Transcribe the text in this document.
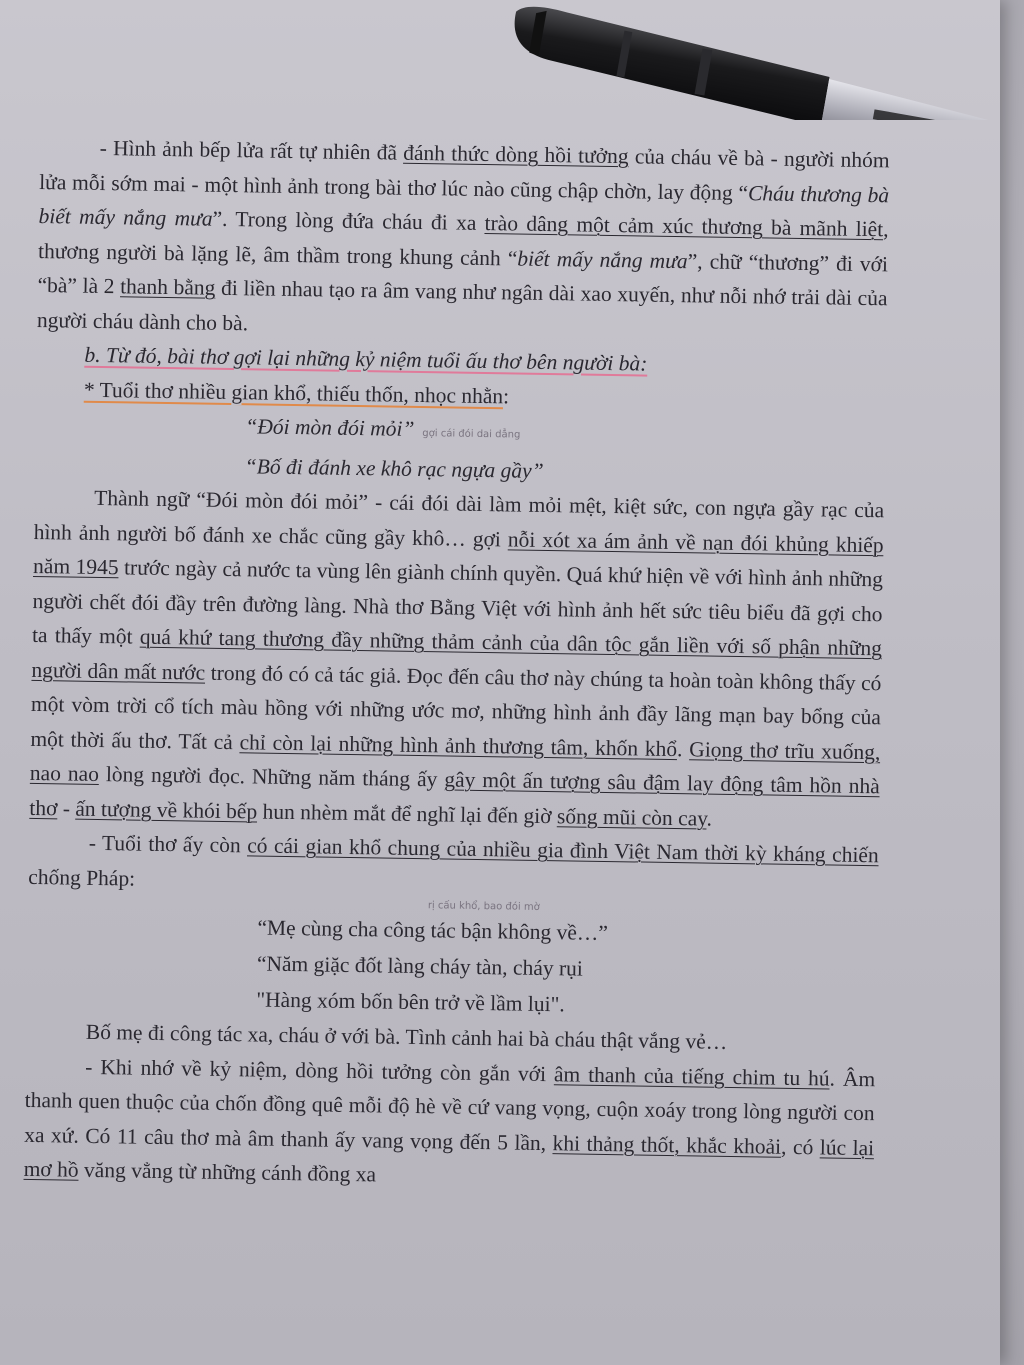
- Hình ảnh bếp lửa rất tự nhiên đã đánh thức dòng hồi tưởng của cháu về bà - người nhóm lửa mỗi sớm mai - một hình ảnh trong bài thơ lúc nào cũng chập chờn, lay động “Cháu thương bà biết mấy nắng mưa”. Trong lòng đứa cháu đi xa trào dâng một cảm xúc thương bà mãnh liệt, thương người bà lặng lẽ, âm thầm trong khung cảnh “biết mấy nắng mưa”, chữ “thương” đi với “bà” là 2 thanh bằng đi liền nhau tạo ra âm vang như ngân dài xao xuyến, như nỗi nhớ trải dài của người cháu dành cho bà.

b. Từ đó, bài thơ gợi lại những kỷ niệm tuổi ấu thơ bên người bà:

* Tuổi thơ nhiều gian khổ, thiếu thốn, nhọc nhằn:

“Đói mòn đói mỏi” gợi cái đói dai dẳng

“Bố đi đánh xe khô rạc ngựa gầy”

Thành ngữ “Đói mòn đói mỏi” - cái đói dài làm mỏi mệt, kiệt sức, con ngựa gầy rạc của hình ảnh người bố đánh xe chắc cũng gầy khô… gợi nỗi xót xa ám ảnh về nạn đói khủng khiếp năm 1945 trước ngày cả nước ta vùng lên giành chính quyền. Quá khứ hiện về với hình ảnh những người chết đói đầy trên đường làng. Nhà thơ Bằng Việt với hình ảnh hết sức tiêu biểu đã gợi cho ta thấy một quá khứ tang thương đầy những thảm cảnh của dân tộc gắn liền với số phận những người dân mất nước trong đó có cả tác giả. Đọc đến câu thơ này chúng ta hoàn toàn không thấy có một vòm trời cổ tích màu hồng với những ước mơ, những hình ảnh đầy lãng mạn bay bổng của một thời ấu thơ. Tất cả chỉ còn lại những hình ảnh thương tâm, khốn khổ. Giọng thơ trĩu xuống, nao nao lòng người đọc. Những năm tháng ấy gây một ấn tượng sâu đậm lay động tâm hồn nhà thơ - ấn tượng về khói bếp hun nhèm mắt để nghĩ lại đến giờ sống mũi còn cay.

- Tuổi thơ ấy còn có cái gian khổ chung của nhiều gia đình Việt Nam thời kỳ kháng chiến chống Pháp:

rị cấu khổ, bao đói mờ

“Mẹ cùng cha công tác bận không về…”

“Năm giặc đốt làng cháy tàn, cháy rụi

"Hàng xóm bốn bên trở về lầm lụi".

Bố mẹ đi công tác xa, cháu ở với bà. Tình cảnh hai bà cháu thật vắng vẻ…

- Khi nhớ về kỷ niệm, dòng hồi tưởng còn gắn với âm thanh của tiếng chim tu hú. Âm thanh quen thuộc của chốn đồng quê mỗi độ hè về cứ vang vọng, cuộn xoáy trong lòng người con xa xứ. Có 11 câu thơ mà âm thanh ấy vang vọng đến 5 lần, khi thảng thốt, khắc khoải, có lúc lại mơ hồ văng vẳng từ những cánh đồng xa
